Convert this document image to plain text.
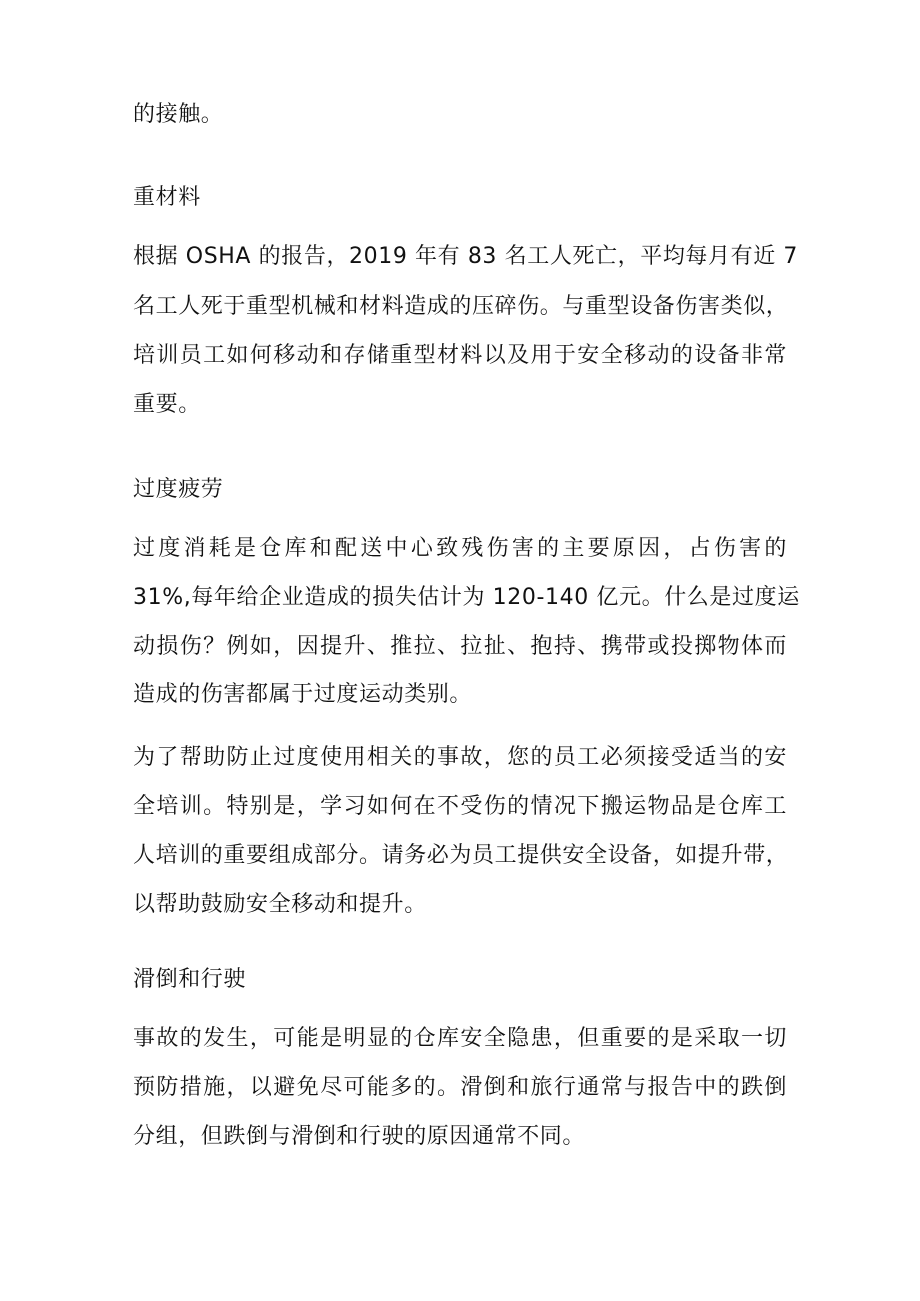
的接触。
重材料
根据 OSHA 的报告，2019 年有 83 名工人死亡，平均每月有近 7
名工人死于重型机械和材料造成的压碎伤。与重型设备伤害类似，
培训员工如何移动和存储重型材料以及用于安全移动的设备非常
重要。
过度疲劳
过度消耗是仓库和配送中心致残伤害的主要原因，占伤害的
31%,每年给企业造成的损失估计为 120-140 亿元。什么是过度运
动损伤？例如，因提升、推拉、拉扯、抱持、携带或投掷物体而
造成的伤害都属于过度运动类别。
为了帮助防止过度使用相关的事故，您的员工必须接受适当的安
全培训。特别是，学习如何在不受伤的情况下搬运物品是仓库工
人培训的重要组成部分。请务必为员工提供安全设备，如提升带，
以帮助鼓励安全移动和提升。
滑倒和行驶
事故的发生，可能是明显的仓库安全隐患，但重要的是采取一切
预防措施，以避免尽可能多的。滑倒和旅行通常与报告中的跌倒
分组，但跌倒与滑倒和行驶的原因通常不同。
